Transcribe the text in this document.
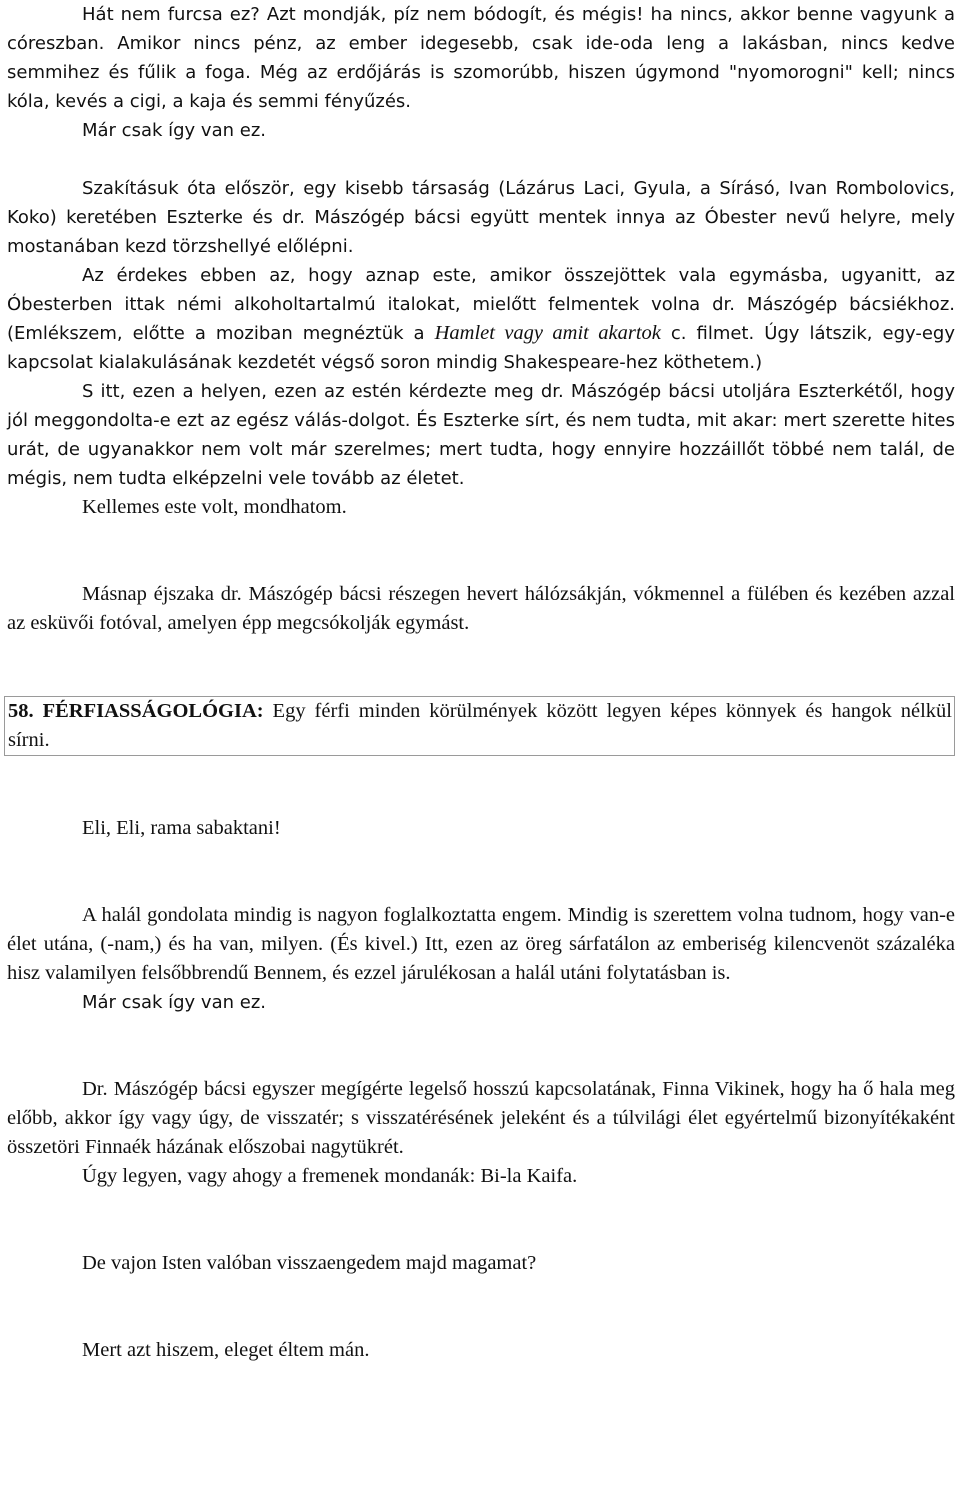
Hát nem furcsa ez? Azt mondják, píz nem bódogít, és mégis! ha nincs, akkor benne vagyunk a córeszban. Amikor nincs pénz, az ember idegesebb, csak ide-oda leng a lakásban, nincs kedve semmihez és fűlik a foga. Még az erdőjárás is szomorúbb, hiszen úgymond "nyomorogni" kell; nincs kóla, kevés a cigi, a kaja és semmi fényűzés.

Már csak így van ez.

Szakításuk óta először, egy kisebb társaság (Lázárus Laci, Gyula, a Sírásó, Ivan Rombolovics, Koko) keretében Eszterke és dr. Mászógép bácsi együtt mentek innya az Óbester nevű helyre, mely mostanában kezd törzshellyé előlépni.

Az érdekes ebben az, hogy aznap este, amikor összejöttek vala egymásba, ugyanitt, az Óbesterben ittak némi alkoholtartalmú italokat, mielőtt felmentek volna dr. Mászógép bácsiékhoz. (Emlékszem, előtte a moziban megnéztük a Hamlet vagy amit akartok c. filmet. Úgy látszik, egy-egy kapcsolat kialakulásának kezdetét végső soron mindig Shakespeare-hez köthetem.)

S itt, ezen a helyen, ezen az estén kérdezte meg dr. Mászógép bácsi utoljára Eszterkétől, hogy jól meggondolta-e ezt az egész válás-dolgot. És Eszterke sírt, és nem tudta, mit akar: mert szerette hites urát, de ugyanakkor nem volt már szerelmes; mert tudta, hogy ennyire hozzáillőt többé nem talál, de mégis, nem tudta elképzelni vele tovább az életet.

Kellemes este volt, mondhatom.

Másnap éjszaka dr. Mászógép bácsi részegen hevert hálózsákján, vókmennel a fülében és kezében azzal az esküvői fotóval, amelyen épp megcsókolják egymást.

58. FÉRFIASSÁGOLÓGIA: Egy férfi minden körülmények között legyen képes könnyek és hangok nélkül sírni.

Eli, Eli, rama sabaktani!

A halál gondolata mindig is nagyon foglalkoztatta engem. Mindig is szerettem volna tudnom, hogy van-e élet utána, (-nam,) és ha van, milyen. (És kivel.) Itt, ezen az öreg sárfatálon az emberiség kilencvenöt százaléka hisz valamilyen felsőbbrendű Bennem, és ezzel járulékosan a halál utáni folytatásban is.

Már csak így van ez.

Dr. Mászógép bácsi egyszer megígérte legelső hosszú kapcsolatának, Finna Vikinek, hogy ha ő hala meg előbb, akkor így vagy úgy, de visszatér; s visszatérésének jeleként és a túlvilági élet egyértelmű bizonyítékaként összetöri Finnaék házának előszobai nagytükrét.

Úgy legyen, vagy ahogy a fremenek mondanák: Bi-la Kaifa.

De vajon Isten valóban visszaengedem majd magamat?

Mert azt hiszem, eleget éltem mán.
